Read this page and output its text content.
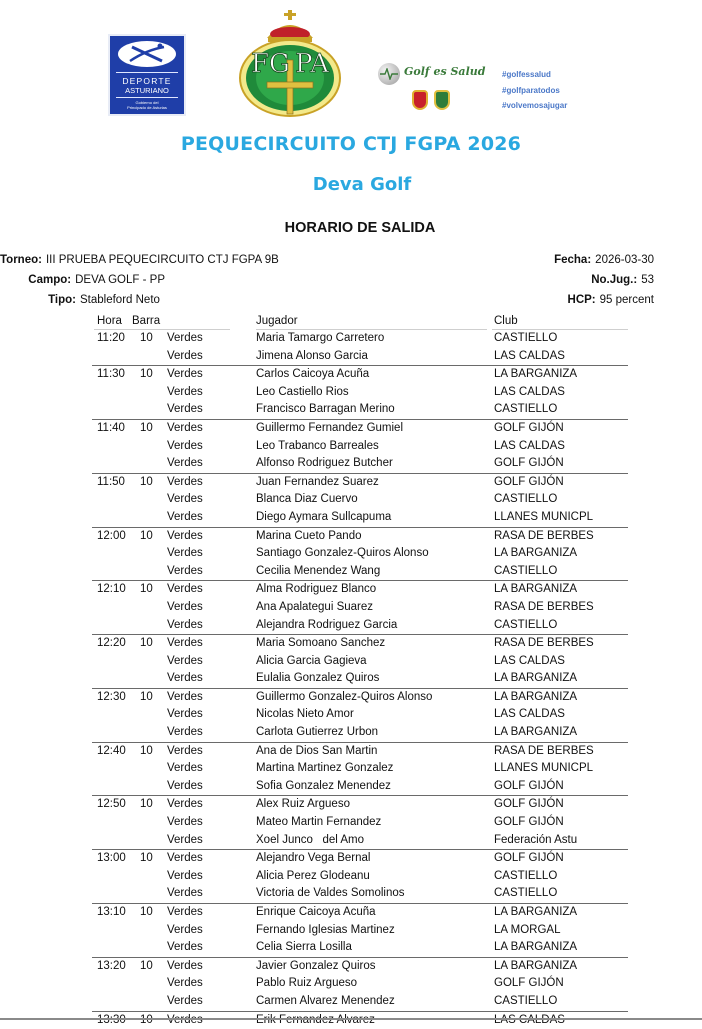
DEPORTE
ASTURIANO
Gobierno del
Principado de Asturias
FG PA	Golf es Salud #golfessalud
#golfparatodos
#volvemosajugar
PEQUECIRCUITO CTJ FGPA 2026
Deva Golf
HORARIO DE SALIDA
Torneo: III PRUEBA PEQUECIRCUITO CTJ FGPA 9B
Campo: DEVA GOLF - PP
Tipo: Stableford Neto
Fecha: 2026-03-30
No.Jug.: 53
HCP: 95 percent
Hora Barra	Jugador	Club
11:20 10 Verdes	Maria Tamargo Carretero	CASTIELLO
Verdes	Jimena Alonso Garcia	LAS CALDAS
11:30 10 Verdes	Carlos Caicoya Acuña	LA BARGANIZA
Verdes	Leo Castiello Rios	LAS CALDAS
Verdes	Francisco Barragan Merino	CASTIELLO
11:40 10 Verdes	Guillermo Fernandez Gumiel	GOLF GIJÓN
Verdes	Leo Trabanco Barreales	LAS CALDAS
Verdes	Alfonso Rodriguez Butcher	GOLF GIJÓN
11:50 10 Verdes	Juan Fernandez Suarez	GOLF GIJÓN
Verdes	Blanca Diaz Cuervo	CASTIELLO
Verdes	Diego Aymara Sullcapuma	LLANES MUNICPL
12:00 10 Verdes	Marina Cueto Pando	RASA DE BERBES
Verdes	Santiago Gonzalez-Quiros Alonso	LA BARGANIZA
Verdes	Cecilia Menendez Wang	CASTIELLO
12:10 10 Verdes	Alma Rodriguez Blanco	LA BARGANIZA
Verdes	Ana Apalategui Suarez	RASA DE BERBES
Verdes	Alejandra Rodriguez Garcia	CASTIELLO
12:20 10 Verdes	Maria Somoano Sanchez	RASA DE BERBES
Verdes	Alicia Garcia Gagieva	LAS CALDAS
Verdes	Eulalia Gonzalez Quiros	LA BARGANIZA
12:30 10 Verdes	Guillermo Gonzalez-Quiros Alonso	LA BARGANIZA
Verdes	Nicolas Nieto Amor	LAS CALDAS
Verdes	Carlota Gutierrez Urbon	LA BARGANIZA
12:40 10 Verdes	Ana de Dios San Martin	RASA DE BERBES
Verdes	Martina Martinez Gonzalez	LLANES MUNICPL
Verdes	Sofia Gonzalez Menendez	GOLF GIJÓN
12:50 10 Verdes	Alex Ruiz Argueso	GOLF GIJÓN
Verdes	Mateo Martin Fernandez	GOLF GIJÓN
Verdes	Xoel Junco   del Amo	Federación Astu
13:00 10 Verdes	Alejandro Vega Bernal	GOLF GIJÓN
Verdes	Alicia Perez Glodeanu	CASTIELLO
Verdes	Victoria de Valdes Somolinos	CASTIELLO
13:10 10 Verdes	Enrique Caicoya Acuña	LA BARGANIZA
Verdes	Fernando Iglesias Martinez	LA MORGAL
Verdes	Celia Sierra Losilla	LA BARGANIZA
13:20 10 Verdes	Javier Gonzalez Quiros	LA BARGANIZA
Verdes	Pablo Ruiz Argueso	GOLF GIJÓN
Verdes	Carmen Alvarez Menendez	CASTIELLO
